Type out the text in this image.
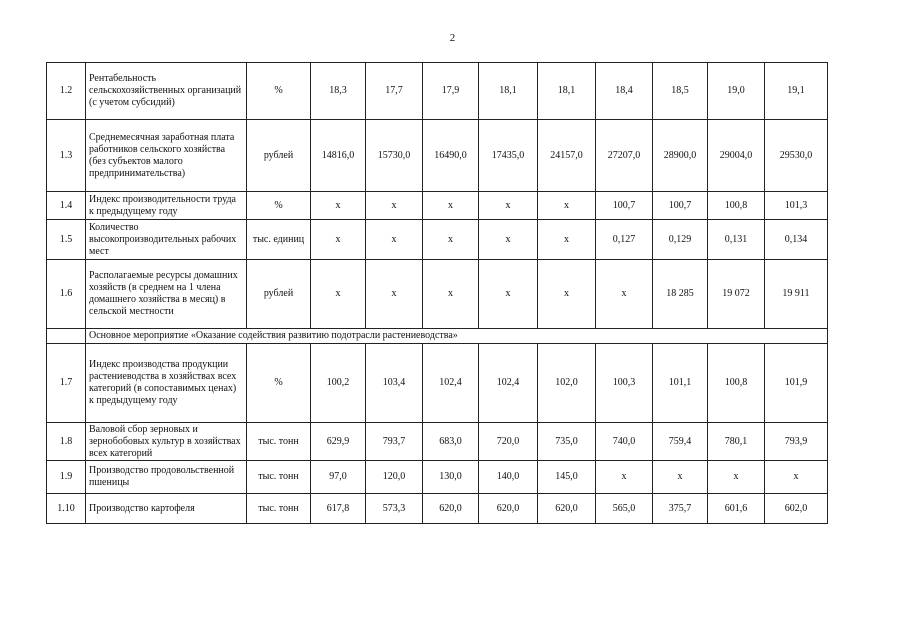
2
1.2	Рентабельность сельскохозяйственных организаций (с учетом субсидий)	%	18,3	17,7	17,9	18,1	18,1	18,4	18,5	19,0	19,1
1.3	Среднемесячная заработная плата работников сельского хозяйства (без субъектов малого предпринимательства)	рублей	14816,0	15730,0	16490,0	17435,0	24157,0	27207,0	28900,0	29004,0	29530,0
1.4	Индекс производительности труда к предыдущему году	%	х	х	х	х	х	100,7	100,7	100,8	101,3
1.5	Количество высокопроизводительных рабочих мест	тыс. единиц	х	х	х	х	х	0,127	0,129	0,131	0,134
1.6	Располагаемые ресурсы домашних хозяйств (в среднем на 1 члена домашнего хозяйства в месяц) в сельской местности	рублей	х	х	х	х	х	х	18 285	19 072	19 911
	Основное мероприятие «Оказание содействия развитию подотрасли растениеводства»										
1.7	Индекс производства продукции растениеводства в хозяйствах всех категорий (в сопоставимых ценах) к предыдущему году	%	100,2	103,4	102,4	102,4	102,0	100,3	101,1	100,8	101,9
1.8	Валовой сбор зерновых и зернобобовых культур в хозяйствах всех категорий	тыс. тонн	629,9	793,7	683,0	720,0	735,0	740,0	759,4	780,1	793,9
1.9	Производство продовольственной пшеницы	тыс. тонн	97,0	120,0	130,0	140,0	145,0	х	х	х	х
1.10	Производство картофеля	тыс. тонн	617,8	573,3	620,0	620,0	620,0	565,0	375,7	601,6	602,0
